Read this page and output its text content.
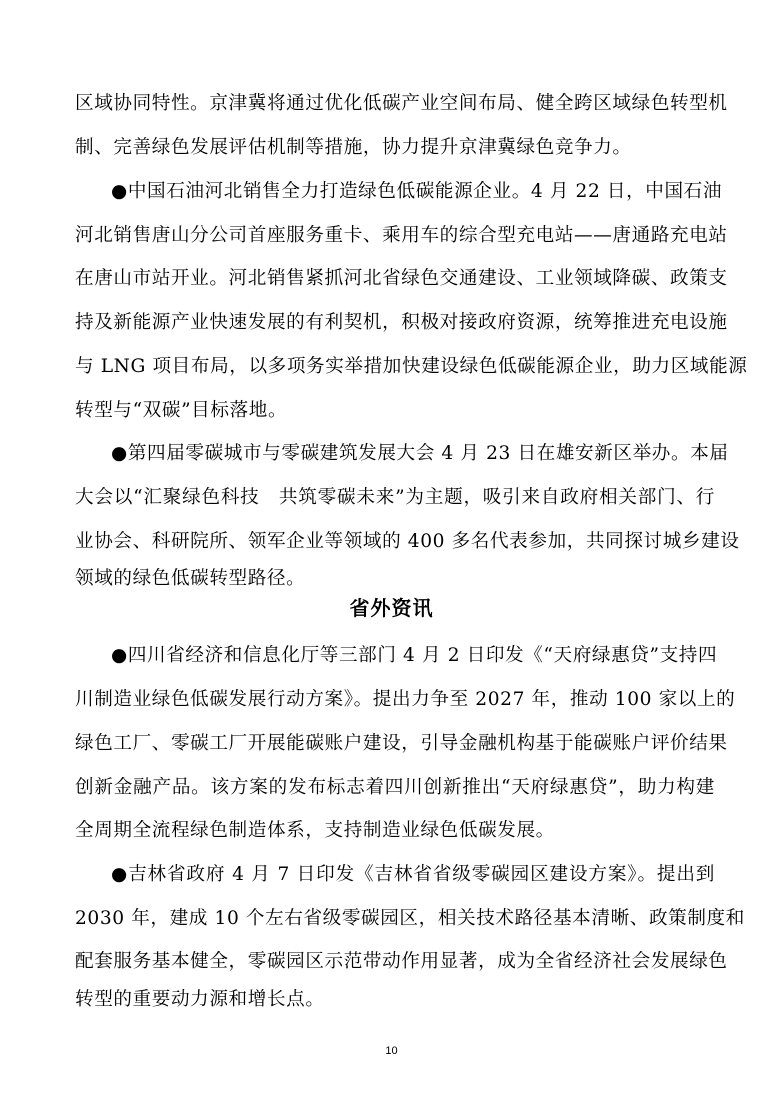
区域协同特性。京津冀将通过优化低碳产业空间布局、健全跨区域绿色转型机
制、完善绿色发展评估机制等措施，协力提升京津冀绿色竞争力。
●中国石油河北销售全力打造绿色低碳能源企业。4 月 22 日，中国石油
河北销售唐山分公司首座服务重卡、乘用车的综合型充电站——唐通路充电站
在唐山市站开业。河北销售紧抓河北省绿色交通建设、工业领域降碳、政策支
持及新能源产业快速发展的有利契机，积极对接政府资源，统筹推进充电设施
与 LNG 项目布局，以多项务实举措加快建设绿色低碳能源企业，助力区域能源
转型与“双碳”目标落地。
●第四届零碳城市与零碳建筑发展大会 4 月 23 日在雄安新区举办。本届
大会以“汇聚绿色科技　共筑零碳未来”为主题，吸引来自政府相关部门、行
业协会、科研院所、领军企业等领域的 400 多名代表参加，共同探讨城乡建设
领域的绿色低碳转型路径。
省外资讯
●四川省经济和信息化厅等三部门 4 月 2 日印发《“天府绿惠贷”支持四
川制造业绿色低碳发展行动方案》。提出力争至 2027 年，推动 100 家以上的
绿色工厂、零碳工厂开展能碳账户建设，引导金融机构基于能碳账户评价结果
创新金融产品。该方案的发布标志着四川创新推出“天府绿惠贷”，助力构建
全周期全流程绿色制造体系，支持制造业绿色低碳发展。
●吉林省政府 4 月 7 日印发《吉林省省级零碳园区建设方案》。提出到
2030 年，建成 10 个左右省级零碳园区，相关技术路径基本清晰、政策制度和
配套服务基本健全，零碳园区示范带动作用显著，成为全省经济社会发展绿色
转型的重要动力源和增长点。
10
